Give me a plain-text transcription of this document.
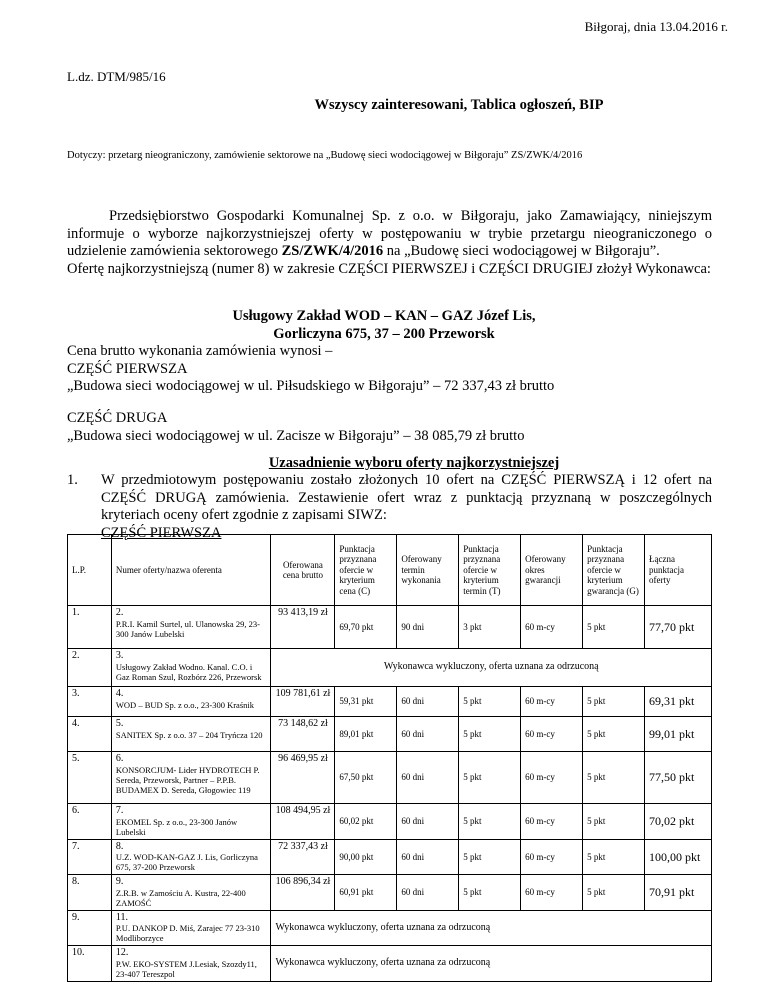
Biłgoraj, dnia 13.04.2016 r.
L.dz. DTM/985/16
Wszyscy zainteresowani, Tablica ogłoszeń, BIP
Dotyczy: przetarg nieograniczony, zamówienie sektorowe na „Budowę sieci wodociągowej w Biłgoraju” ZS/ZWK/4/2016

Przedsiębiorstwo Gospodarki Komunalnej Sp. z o.o. w Biłgoraju, jako Zamawiający, niniejszym informuje o wyborze najkorzystniejszej oferty w postępowaniu w trybie przetargu nieograniczonego o udzielenie zamówienia sektorowego ZS/ZWK/4/2016 na „Budowę sieci wodociągowej w Biłgoraju”.

Ofertę najkorzystniejszą (numer 8) w zakresie CZĘŚCI PIERWSZEJ i CZĘŚCI DRUGIEJ złożył Wykonawca:

Usługowy Zakład WOD – KAN – GAZ Józef Lis,
Gorliczyna 675, 37 – 200 Przeworsk
Cena brutto wykonania zamówienia wynosi –
CZĘŚĆ PIERWSZA
„Budowa sieci wodociągowej w ul. Piłsudskiego w Biłgoraju” – 72 337,43 zł brutto
CZĘŚĆ DRUGA
„Budowa sieci wodociągowej w ul. Zacisze w Biłgoraju” – 38 085,79 zł brutto
Uzasadnienie wyboru oferty najkorzystniejszej
1. W przedmiotowym postępowaniu zostało złożonych 10 ofert na CZĘŚĆ PIERWSZĄ i 12 ofert na CZĘŚĆ DRUGĄ zamówienia. Zestawienie ofert wraz z punktacją przyznaną w poszczególnych kryteriach oceny ofert zgodnie z zapisami SIWZ:
CZĘŚĆ PIERWSZA
L.P.	Numer oferty/nazwa oferenta	Oferowana cena brutto	Punktacja przyznana ofercie w kryterium cena (C)	Oferowany termin wykonania	Punktacja przyznana ofercie w kryterium termin (T)	Oferowany okres gwarancji	Punktacja przyznana ofercie w kryterium gwarancja (G)	Łączna punktacja oferty
1.	2.
P.R.I. Kamil Surtel, ul. Ulanowska 29, 23-300 Janów Lubelski	93 413,19 zł	69,70 pkt	90 dni	3 pkt	60 m-cy	5 pkt	77,70 pkt
2.	3.
Usługowy Zakład Wodno. Kanal. C.O. i Gaz Roman Szul, Rozbórz 226, Przeworsk	Wykonawca wykluczony, oferta uznana za odrzuconą						
3.	4.
WOD – BUD Sp. z o.o., 23-300 Kraśnik	109 781,61 zł	59,31 pkt	60 dni	5 pkt	60 m-cy	5 pkt	69,31 pkt
4.	5.
SANITEX Sp. z o.o. 37 – 204 Tryńcza 120	73 148,62 zł	89,01 pkt	60 dni	5 pkt	60 m-cy	5 pkt	99,01 pkt
5.	6.
KONSORCJUM- Lider HYDROTECH P. Sereda, Przeworsk, Partner – P.P.B. BUDAMEX D. Sereda, Głogowiec 119	96 469,95 zł	67,50 pkt	60 dni	5 pkt	60 m-cy	5 pkt	77,50 pkt
6.	7.
EKOMEL Sp. z o.o., 23-300 Janów Lubelski	108 494,95 zł	60,02 pkt	60 dni	5 pkt	60 m-cy	5 pkt	70,02 pkt
7.	8.
U.Z. WOD-KAN-GAZ J. Lis, Gorliczyna 675, 37-200 Przeworsk	72 337,43 zł	90,00 pkt	60 dni	5 pkt	60 m-cy	5 pkt	100,00 pkt
8.	9.
Z.R.B. w Zamościu A. Kustra, 22-400 ZAMOŚĆ	106 896,34 zł	60,91 pkt	60 dni	5 pkt	60 m-cy	5 pkt	70,91 pkt
9.	11.
P.U. DANKOP D. Miś, Zarajec 77 23-310 Modliborzyce	Wykonawca wykluczony, oferta uznana za odrzuconą						
10.	12.
P.W. EKO-SYSTEM J.Lesiak, Szozdy11, 23-407 Tereszpol	Wykonawca wykluczony, oferta uznana za odrzuconą						
